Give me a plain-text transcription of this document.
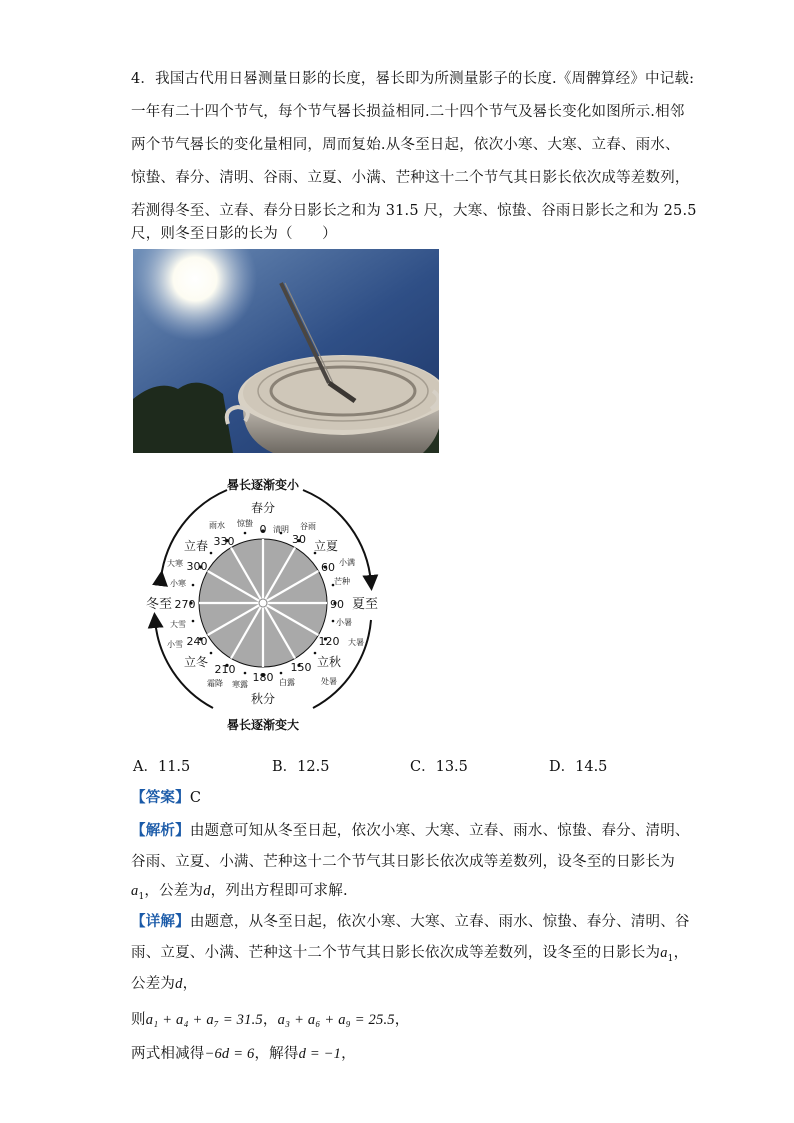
4．我国古代用日晷测量日影的长度，晷长即为所测量影子的长度.《周髀算经》中记载:
一年有二十四个节气，每个节气晷长损益相同.二十四个节气及晷长变化如图所示.相邻
两个节气晷长的变化量相同，周而复始.从冬至日起，依次小寒、大寒、立春、雨水、
惊蛰、春分、清明、谷雨、立夏、小满、芒种这十二个节气其日影长依次成等差数列，
若测得冬至、立春、春分日影长之和为 31.5 尺，大寒、惊蛰、谷雨日影长之和为 25.5
尺，则冬至日影的长为（　　）
晷长逐渐变小
晷长逐渐变大
春分
秋分
冬至	夏至
立夏
立春
立秋
立冬
雨水 惊蛰
清明 谷雨
小满
芒种
大寒
小寒
大雪
小雪
小暑
大暑
处暑
白露
寒露
霜降
0
30
60
90
120
150
180
210
240
270
300
330
A．11.5	B．12.5	C．13.5	D．14.5
【答案】C
【解析】由题意可知从冬至日起，依次小寒、大寒、立春、雨水、惊蛰、春分、清明、
谷雨、立夏、小满、芒种这十二个节气其日影长依次成等差数列，设冬至的日影长为
$a_1$，公差为d，列出方程即可求解.
【详解】由题意，从冬至日起，依次小寒、大寒、立春、雨水、惊蛰、春分、清明、谷
雨、立夏、小满、芒种这十二个节气其日影长依次成等差数列，设冬至的日影长为$a_1$，
公差为d，
则a₁ + a₄ + a₇ = 31.5，a₃ + a₆ + a₉ = 25.5，
两式相减得−6d = 6，解得d = −1，
